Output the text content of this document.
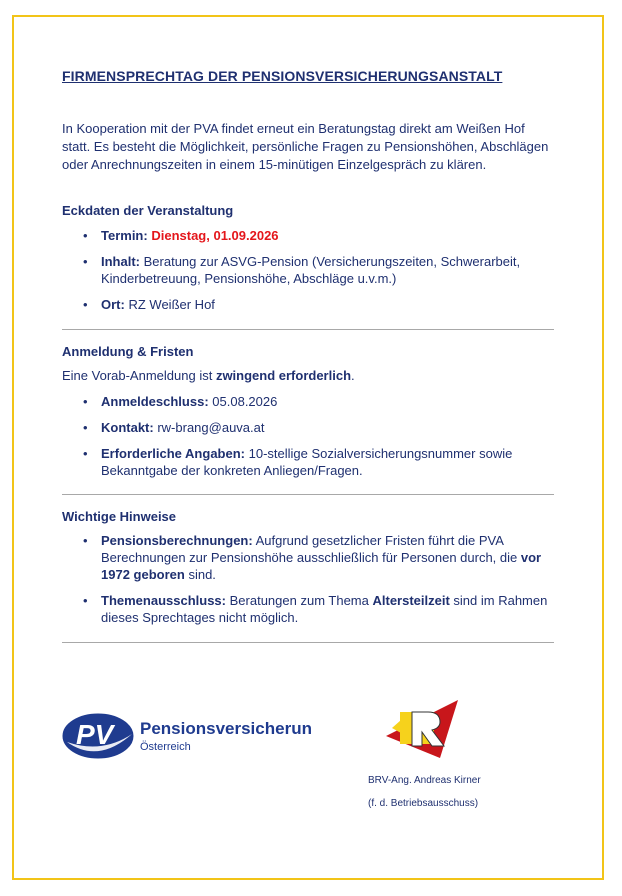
FIRMENSPRECHTAG DER PENSIONSVERSICHERUNGSANSTALT
In Kooperation mit der PVA findet erneut ein Beratungstag direkt am Weißen Hof statt. Es besteht die Möglichkeit, persönliche Fragen zu Pensionshöhen, Abschlägen oder Anrechnungszeiten in einem 15-minütigen Einzelgespräch zu klären.
Eckdaten der Veranstaltung
• Termin: Dienstag, 01.09.2026
• Inhalt: Beratung zur ASVG-Pension (Versicherungszeiten, Schwerarbeit, Kinderbetreuung, Pensionshöhe, Abschläge u.v.m.)
• Ort: RZ Weißer Hof
Anmeldung & Fristen
Eine Vorab-Anmeldung ist zwingend erforderlich.
• Anmeldeschluss: 05.08.2026
• Kontakt: rw-brang@auva.at
• Erforderliche Angaben: 10-stellige Sozialversicherungsnummer sowie Bekanntgabe der konkreten Anliegen/Fragen.
Wichtige Hinweise
• Pensionsberechnungen: Aufgrund gesetzlicher Fristen führt die PVA Berechnungen zur Pensionshöhe ausschließlich für Personen durch, die vor 1972 geboren sind.
• Themenausschluss: Beratungen zum Thema Altersteilzeit sind im Rahmen dieses Sprechtages nicht möglich.
PV Pensionsversicherung
Österreich
BRV-Ang. Andreas Kirner
(f. d. Betriebsausschuss)
